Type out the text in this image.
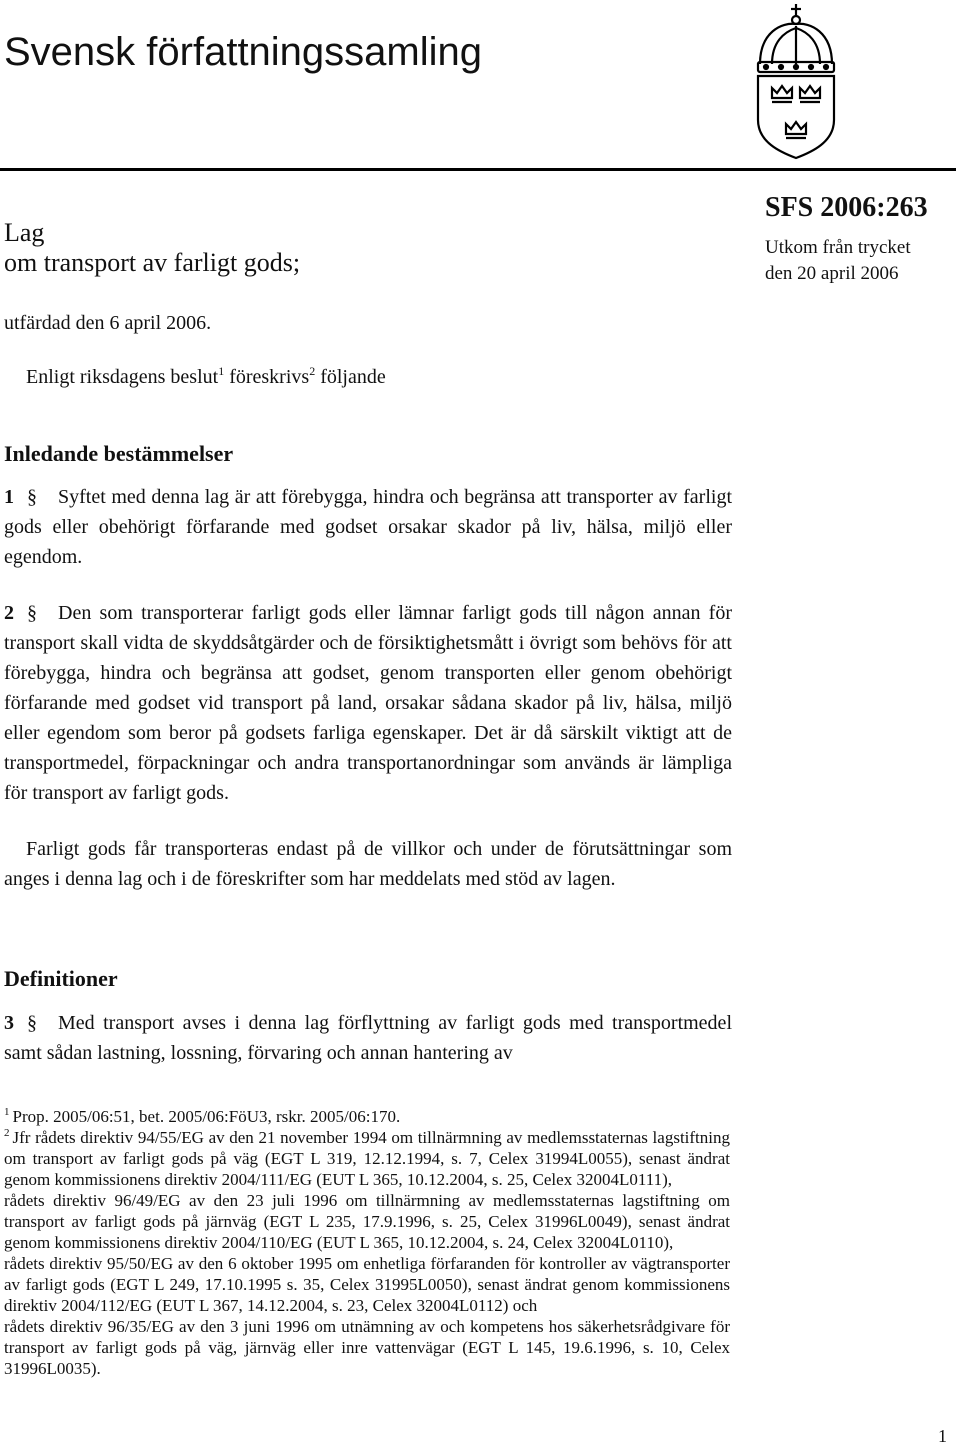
Svensk författningssamling
Lag
om transport av farligt gods;
SFS 2006:263
Utkom från trycket
den 20 april 2006
utfärdad den 6 april 2006.
Enligt riksdagens beslut$^1$ föreskrivs$^2$ följande
Inledande bestämmelser

1 § Syftet med denna lag är att förebygga, hindra och begränsa att transporter av farligt gods eller obehörigt förfarande med godset orsakar skador på liv, hälsa, miljö eller egendom.

2 § Den som transporterar farligt gods eller lämnar farligt gods till någon annan för transport skall vidta de skyddsåtgärder och de försiktighetsmått i övrigt som behövs för att förebygga, hindra och begränsa att godset, genom transporten eller genom obehörigt förfarande med godset vid transport på land, orsakar sådana skador på liv, hälsa, miljö eller egendom som beror på godsets farliga egenskaper. Det är då särskilt viktigt att de transportmedel, förpackningar och andra transportanordningar som används är lämpliga för transport av farligt gods.

Farligt gods får transporteras endast på de villkor och under de förutsättningar som anges i denna lag och i de föreskrifter som har meddelats med stöd av lagen.

Definitioner

3 § Med transport avses i denna lag förflyttning av farligt gods med transportmedel samt sådan lastning, lossning, förvaring och annan hantering av

$^1$ Prop. 2005/06:51, bet. 2005/06:FöU3, rskr. 2005/06:170.

$^2$ Jfr rådets direktiv 94/55/EG av den 21 november 1994 om tillnärmning av medlemsstaternas lagstiftning om transport av farligt gods på väg (EGT L 319, 12.12.1994, s. 7, Celex 31994L0055), senast ändrat genom kommissionens direktiv 2004/111/EG (EUT L 365, 10.12.2004, s. 25, Celex 32004L0111),

rådets direktiv 96/49/EG av den 23 juli 1996 om tillnärmning av medlemsstaternas lagstiftning om transport av farligt gods på järnväg (EGT L 235, 17.9.1996, s. 25, Celex 31996L0049), senast ändrat genom kommissionens direktiv 2004/110/EG (EUT L 365, 10.12.2004, s. 24, Celex 32004L0110),

rådets direktiv 95/50/EG av den 6 oktober 1995 om enhetliga förfaranden för kontroller av vägtransporter av farligt gods (EGT L 249, 17.10.1995 s. 35, Celex 31995L0050), senast ändrat genom kommissionens direktiv 2004/112/EG (EUT L 367, 14.12.2004, s. 23, Celex 32004L0112) och

rådets direktiv 96/35/EG av den 3 juni 1996 om utnämning av och kompetens hos säkerhetsrådgivare för transport av farligt gods på väg, järnväg eller inre vattenvägar (EGT L 145, 19.6.1996, s. 10, Celex 31996L0035).

1
